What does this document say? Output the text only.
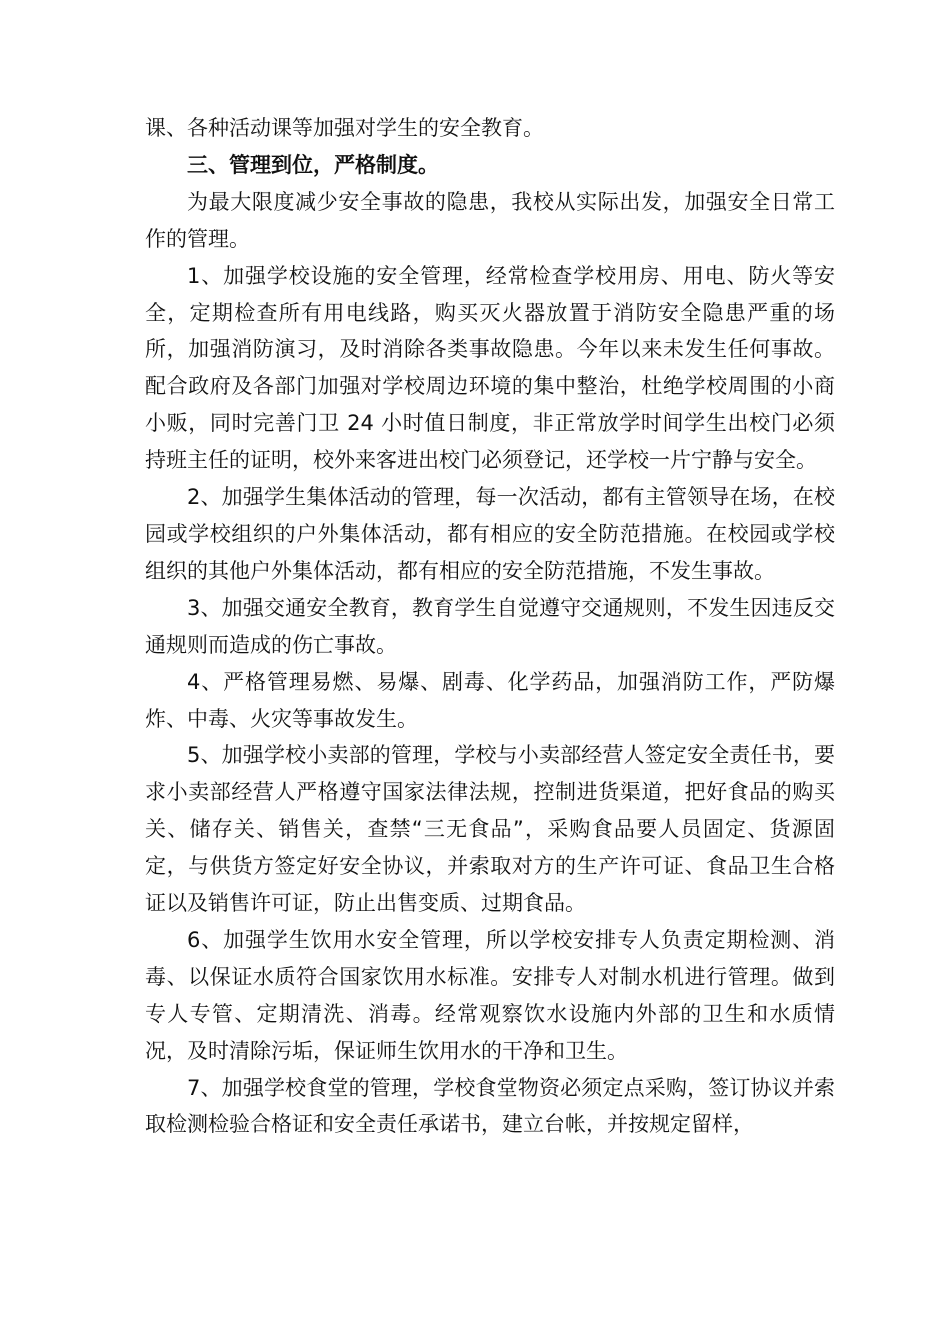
课、各种活动课等加强对学生的安全教育。

三、管理到位，严格制度。

为最大限度减少安全事故的隐患，我校从实际出发，加强安全日常工作的管理。

1、加强学校设施的安全管理，经常检查学校用房、用电、防火等安全，定期检查所有用电线路，购买灭火器放置于消防安全隐患严重的场所，加强消防演习，及时消除各类事故隐患。今年以来未发生任何事故。配合政府及各部门加强对学校周边环境的集中整治，杜绝学校周围的小商小贩，同时完善门卫 24 小时值日制度，非正常放学时间学生出校门必须持班主任的证明，校外来客进出校门必须登记，还学校一片宁静与安全。

2、加强学生集体活动的管理，每一次活动，都有主管领导在场，在校园或学校组织的户外集体活动，都有相应的安全防范措施。在校园或学校组织的其他户外集体活动，都有相应的安全防范措施，不发生事故。

3、加强交通安全教育，教育学生自觉遵守交通规则，不发生因违反交通规则而造成的伤亡事故。

4、严格管理易燃、易爆、剧毒、化学药品，加强消防工作，严防爆炸、中毒、火灾等事故发生。

5、加强学校小卖部的管理，学校与小卖部经营人签定安全责任书，要求小卖部经营人严格遵守国家法律法规，控制进货渠道，把好食品的购买关、储存关、销售关，查禁“三无食品”，采购食品要人员固定、货源固定，与供货方签定好安全协议，并索取对方的生产许可证、食品卫生合格证以及销售许可证，防止出售变质、过期食品。

6、加强学生饮用水安全管理，所以学校安排专人负责定期检测、消毒、以保证水质符合国家饮用水标准。安排专人对制水机进行管理。做到专人专管、定期清洗、消毒。经常观察饮水设施内外部的卫生和水质情况，及时清除污垢，保证师生饮用水的干净和卫生。

7、加强学校食堂的管理，学校食堂物资必须定点采购，签订协议并索取检测检验合格证和安全责任承诺书，建立台帐，并按规定留样，
